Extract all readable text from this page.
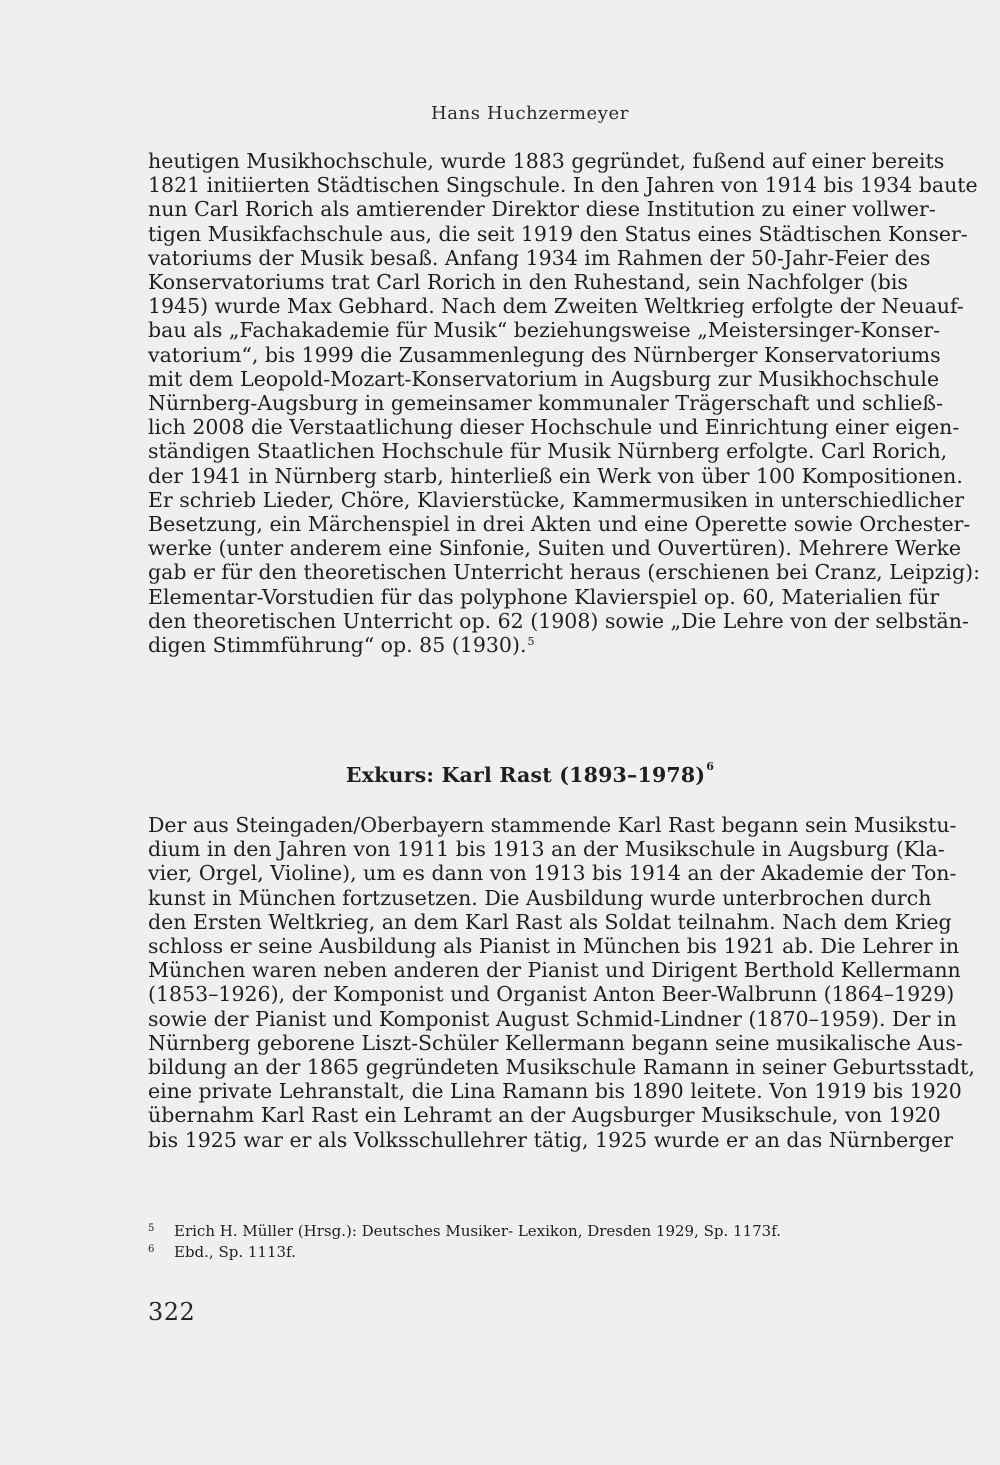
Hans Huchzermeyer

heutigen Musikhochschule, wurde 1883 gegründet, fußend auf einer bereits
1821 initiierten Städtischen Singschule. In den Jahren von 1914 bis 1934 baute
nun Carl Rorich als amtierender Direktor diese Institution zu einer vollwer-
tigen Musikfachschule aus, die seit 1919 den Status eines Städtischen Konser-
vatoriums der Musik besaß. Anfang 1934 im Rahmen der 50-Jahr-Feier des
Konservatoriums trat Carl Rorich in den Ruhestand, sein Nachfolger (bis
1945) wurde Max Gebhard. Nach dem Zweiten Weltkrieg erfolgte der Neuauf-
bau als „Fachakademie für Musik“ beziehungsweise „Meistersinger-Konser-
vatorium“, bis 1999 die Zusammenlegung des Nürnberger Konservatoriums
mit dem Leopold-Mozart-Konservatorium in Augsburg zur Musikhochschule
Nürnberg-Augsburg in gemeinsamer kommunaler Trägerschaft und schließ-
lich 2008 die Verstaatlichung dieser Hochschule und Einrichtung einer eigen-
ständigen Staatlichen Hochschule für Musik Nürnberg erfolgte. Carl Rorich,
der 1941 in Nürnberg starb, hinterließ ein Werk von über 100 Kompositionen.
Er schrieb Lieder, Chöre, Klavierstücke, Kammermusiken in unterschiedlicher
Besetzung, ein Märchenspiel in drei Akten und eine Operette sowie Orchester-
werke (unter anderem eine Sinfonie, Suiten und Ouvertüren). Mehrere Werke
gab er für den theoretischen Unterricht heraus (erschienen bei Cranz, Leipzig):
Elementar-Vorstudien für das polyphone Klavierspiel op. 60, Materialien für
den theoretischen Unterricht op. 62 (1908) sowie „Die Lehre von der selbstän-
digen Stimmführung“ op. 85 (1930).$^5$

Exkurs: Karl Rast (1893–1978)$^6$

Der aus Steingaden/Oberbayern stammende Karl Rast begann sein Musikstu-
dium in den Jahren von 1911 bis 1913 an der Musikschule in Augsburg (Kla-
vier, Orgel, Violine), um es dann von 1913 bis 1914 an der Akademie der Ton-
kunst in München fortzusetzen. Die Ausbildung wurde unterbrochen durch
den Ersten Weltkrieg, an dem Karl Rast als Soldat teilnahm. Nach dem Krieg
schloss er seine Ausbildung als Pianist in München bis 1921 ab. Die Lehrer in
München waren neben anderen der Pianist und Dirigent Berthold Kellermann
(1853–1926), der Komponist und Organist Anton Beer-Walbrunn (1864–1929)
sowie der Pianist und Komponist August Schmid-Lindner (1870–1959). Der in
Nürnberg geborene Liszt-Schüler Kellermann begann seine musikalische Aus-
bildung an der 1865 gegründeten Musikschule Ramann in seiner Geburtsstadt,
eine private Lehranstalt, die Lina Ramann bis 1890 leitete. Von 1919 bis 1920
übernahm Karl Rast ein Lehramt an der Augsburger Musikschule, von 1920
bis 1925 war er als Volksschullehrer tätig, 1925 wurde er an das Nürnberger

5	Erich H. Müller (Hrsg.): Deutsches Musiker- Lexikon, Dresden 1929, Sp. 1173f.
6	Ebd., Sp. 1113f.
322
